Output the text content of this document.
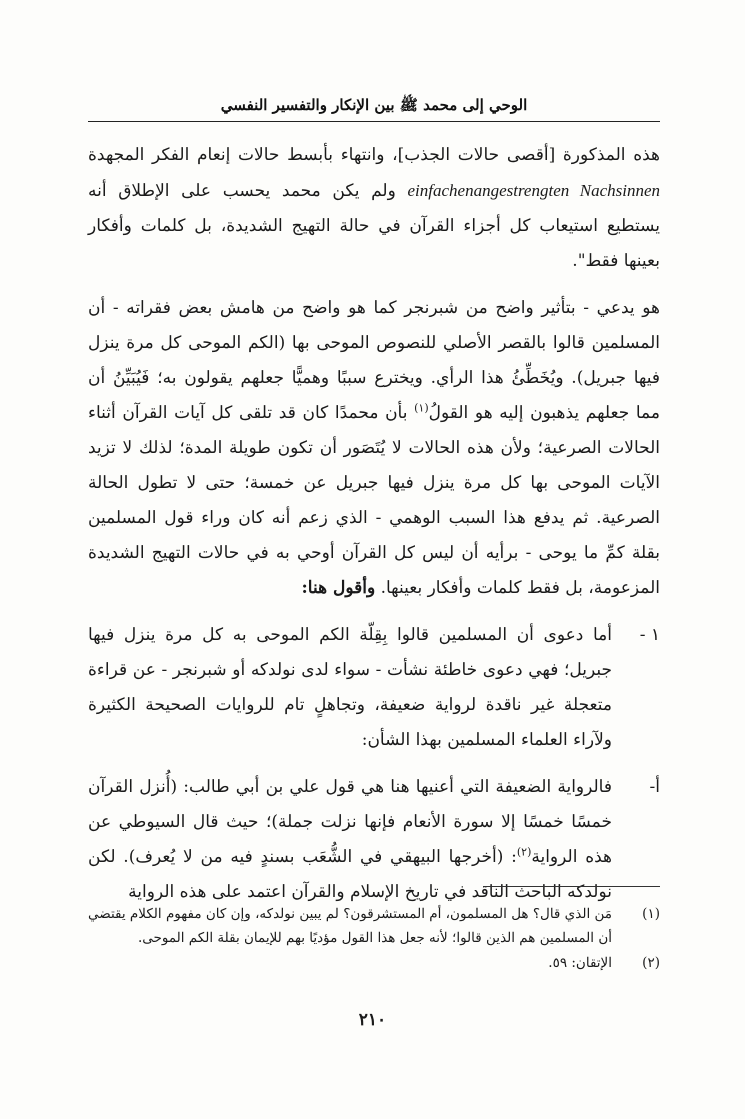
الوحي إلى محمد ﷺ بين الإنكار والتفسير النفسي

هذه المذكورة [أقصى حالات الجذب]، وانتهاء بأبسط حالات إنعام الفكر المجهدة einfachenangestrengten Nachsinnen ولم يكن محمد يحسب على الإطلاق أنه يستطيع استيعاب كل أجزاء القرآن في حالة التهيج الشديدة، بل كلمات وأفكار بعينها فقط".

هو يدعي - بتأثير واضح من شبرنجر كما هو واضح من هامش بعض فقراته - أن المسلمين قالوا بالقصر الأصلي للنصوص الموحى بها (الكم الموحى كل مرة ينزل فيها جبريل). ويُخَطِّئُ هذا الرأي. ويخترع سببًا وهميًّا جعلهم يقولون به؛ فَيُبَيِّنُ أن مما جعلهم يذهبون إليه هو القولُ$^{(١)}$ بأن محمدًا كان قد تلقى كل آيات القرآن أثناء الحالات الصرعية؛ ولأن هذه الحالات لا يُتَصَور أن تكون طويلة المدة؛ لذلك لا تزيد الآيات الموحى بها كل مرة ينزل فيها جبريل عن خمسة؛ حتى لا تطول الحالة الصرعية. ثم يدفع هذا السبب الوهمي - الذي زعم أنه كان وراء قول المسلمين بقلة كمِّ ما يوحى - برأيه أن ليس كل القرآن أوحي به في حالات التهيج الشديدة المزعومة، بل فقط كلمات وأفكار بعينها. وأقول هنا:

١ -
أما دعوى أن المسلمين قالوا بِقِلّة الكم الموحى به كل مرة ينزل فيها جبريل؛ فهي دعوى خاطئة نشأت - سواء لدى نولدكه أو شبرنجر - عن قراءة متعجلة غير ناقدة لرواية ضعيفة، وتجاهلٍ تام للروايات الصحيحة الكثيرة ولآراء العلماء المسلمين بهذا الشأن:
أ-
فالرواية الضعيفة التي أعنيها هنا هي قول علي بن أبي طالب: (أُنزل القرآن خمسًا خمسًا إلا سورة الأنعام فإنها نزلت جملة)؛ حيث قال السيوطي عن هذه الرواية$^{(٢)}$: (أخرجها البيهقي في الشُّعَب بسندٍ فيه من لا يُعرف). لكن نولدكه الباحث الناقد في تاريخ الإسلام والقرآن اعتمد على هذه الرواية
(١)
مَن الذي قال؟ هل المسلمون، أم المستشرقون؟ لم يبين نولدكه، وإن كان مفهوم الكلام يقتضي أن المسلمين هم الذين قالوا؛ لأنه جعل هذا القول مؤديًا بهم للإيمان بقلة الكم الموحى.
(٢)
الإتقان: ٥٩.
٢١٠
